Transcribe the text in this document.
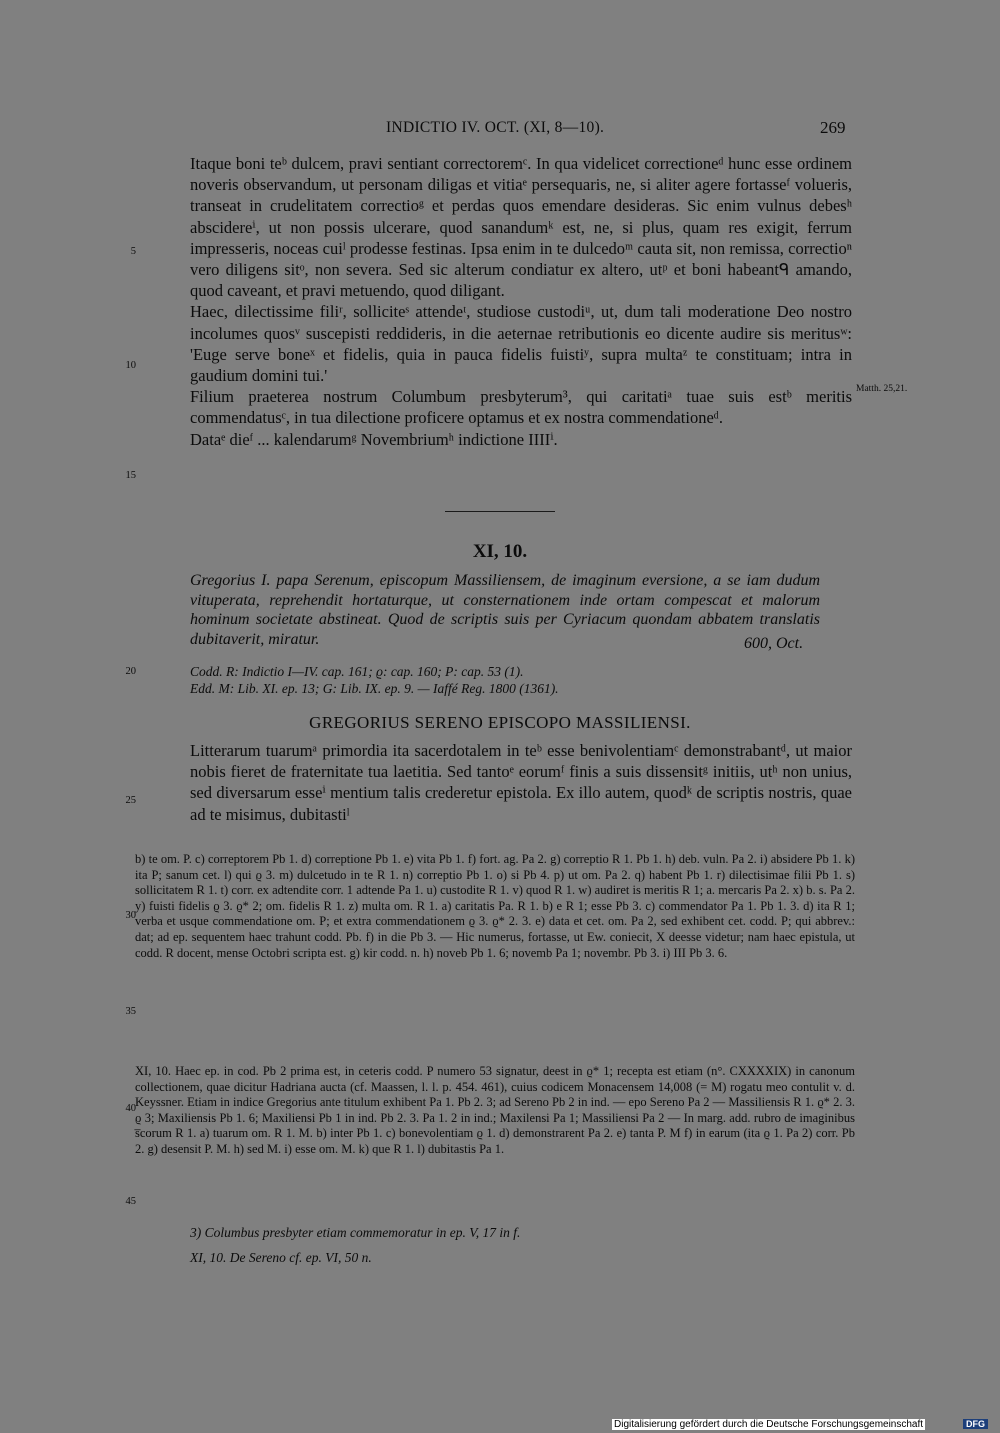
INDICTIO IV. OCT. (XI, 8—10).	269

Itaque boni teᵇ dulcem, pravi sentiant correctoremᶜ. In qua videlicet correctioneᵈ hunc esse ordinem noveris observandum, ut personam diligas et vitiaᵉ persequaris, ne, si aliter agere fortasseᶠ volueris, transeat in crudelitatem correctioᵍ et perdas quos emendare desideras. Sic enim vulnus debesʰ abscidereⁱ, ut non possis ulcerare, quod sanandumᵏ est, ne, si plus, quam res exigit, ferrum impresseris, noceas cuiˡ prodesse festinas. Ipsa enim in te dulcedoᵐ cauta sit, non remissa, correctioⁿ vero diligens sitᵒ, non severa. Sed sic alterum condiatur ex altero, utᵖ et boni habeantᑫ amando, quod caveant, et pravi metuendo, quod diligant.

Haec, dilectissime filiʳ, solliciteˢ attendeᵗ, studiose custodiᵘ, ut, dum tali moderatione Deo nostro incolumes quosᵛ suscepisti reddideris, in die aeternae retributionis eo dicente audire sis meritusʷ: 'Euge serve boneˣ et fidelis, quia in pauca fidelis fuistiʸ, supra multaᶻ te constituam; intra in gaudium domini tui.'

Filium praeterea nostrum Columbum presbyterum³, qui caritatiᵃ tuae suis estᵇ meritis commendatusᶜ, in tua dilectione proficere optamus et ex nostra commendationeᵈ.

Dataᵉ dieᶠ ... kalendarumᵍ Novembriumʰ indictione IIIIⁱ.

5
10
15
20
25
30
35
40
45
Matth. 25,21.
XI, 10.
Gregorius I. papa Serenum, episcopum Massiliensem, de imaginum eversione, a se iam dudum vituperata, reprehendit hortaturque, ut consternationem inde ortam compescat et malorum hominum societate abstineat. Quod de scriptis suis per Cyriacum quondam abbatem translatis dubitaverit, miratur.	600, Oct.
Codd. R: Indictio I—IV. cap. 161; ϱ: cap. 160; P: cap. 53 (1).
Edd. M: Lib. XI. ep. 13; G: Lib. IX. ep. 9. — Iaffé Reg. 1800 (1361).
GREGORIUS SERENO EPISCOPO MASSILIENSI.

Litterarum tuarumᵃ primordia ita sacerdotalem in teᵇ esse benivolentiamᶜ demonstrabantᵈ, ut maior nobis fieret de fraternitate tua laetitia. Sed tantoᵉ eorumᶠ finis a suis dissensitᵍ initiis, utʰ non unius, sed diversarum esseⁱ mentium talis crederetur epistola. Ex illo autem, quodᵏ de scriptis nostris, quae ad te misimus, dubitastiˡ

b) te om. P. c) correptorem Pb 1. d) correptione Pb 1. e) vita Pb 1. f) fort. ag. Pa 2. g) correptio R 1. Pb 1. h) deb. vuln. Pa 2. i) absidere Pb 1. k) ita P; sanum cet. l) qui ϱ 3. m) dulcetudo in te R 1. n) correptio Pb 1. o) si Pb 4. p) ut om. Pa 2. q) habent Pb 1. r) dilectisimae filii Pb 1. s) sollicitatem R 1. t) corr. ex adtendite corr. 1 adtende Pa 1. u) custodite R 1. v) quod R 1. w) audiret is meritis R 1; a. mercaris Pa 2. x) b. s. Pa 2. y) fuisti fidelis ϱ 3. ϱ* 2; om. fidelis R 1. z) multa om. R 1. a) caritatis Pa. R 1. b) e R 1; esse Pb 3. c) commendator Pa 1. Pb 1. 3. d) ita R 1; verba et usque commendatione om. P; et extra commendationem ϱ 3. ϱ* 2. 3. e) data et cet. om. Pa 2, sed exhibent cet. codd. P; qui abbrev.: dat; ad ep. sequentem haec trahunt codd. Pb. f) in die Pb 3. — Hic numerus, fortasse, ut Ew. coniecit, X deesse videtur; nam haec epistula, ut codd. R docent, mense Octobri scripta est. g) kir codd. n. h) noveb Pb 1. 6; novemb Pa 1; novembr. Pb 3. i) III Pb 3. 6.

XI, 10. Haec ep. in cod. Pb 2 prima est, in ceteris codd. P numero 53 signatur, deest in ϱ* 1; recepta est etiam (n°. CXXXXIX) in canonum collectionem, quae dicitur Hadriana aucta (cf. Maassen, l. l. p. 454. 461), cuius codicem Monacensem 14,008 (= M) rogatu meo contulit v. d. Keyssner. Etiam in indice Gregorius ante titulum exhibent Pa 1. Pb 2. 3; ad Sereno Pb 2 in ind. — epo Sereno Pa 2 — Massiliensis R 1. ϱ* 2. 3. ϱ 3; Maxiliensis Pb 1. 6; Maxiliensi Pb 1 in ind. Pb 2. 3. Pa 1. 2 in ind.; Maxilensi Pa 1; Massiliensi Pa 2 — In marg. add. rubro de imaginibus s̅corum R 1. a) tuarum om. R 1. M. b) inter Pb 1. c) bonevolentiam ϱ 1. d) demonstrarent Pa 2. e) tanta P. M f) in earum (ita ϱ 1. Pa 2) corr. Pb 2. g) desensit P. M. h) sed M. i) esse om. M. k) que R 1. l) dubitastis Pa 1.

3) Columbus presbyter etiam commemoratur in ep. V, 17 in f.
XI, 10. De Sereno cf. ep. VI, 50 n.
Digitalisierung gefördert durch die Deutsche Forschungsgemeinschaft	DFG
